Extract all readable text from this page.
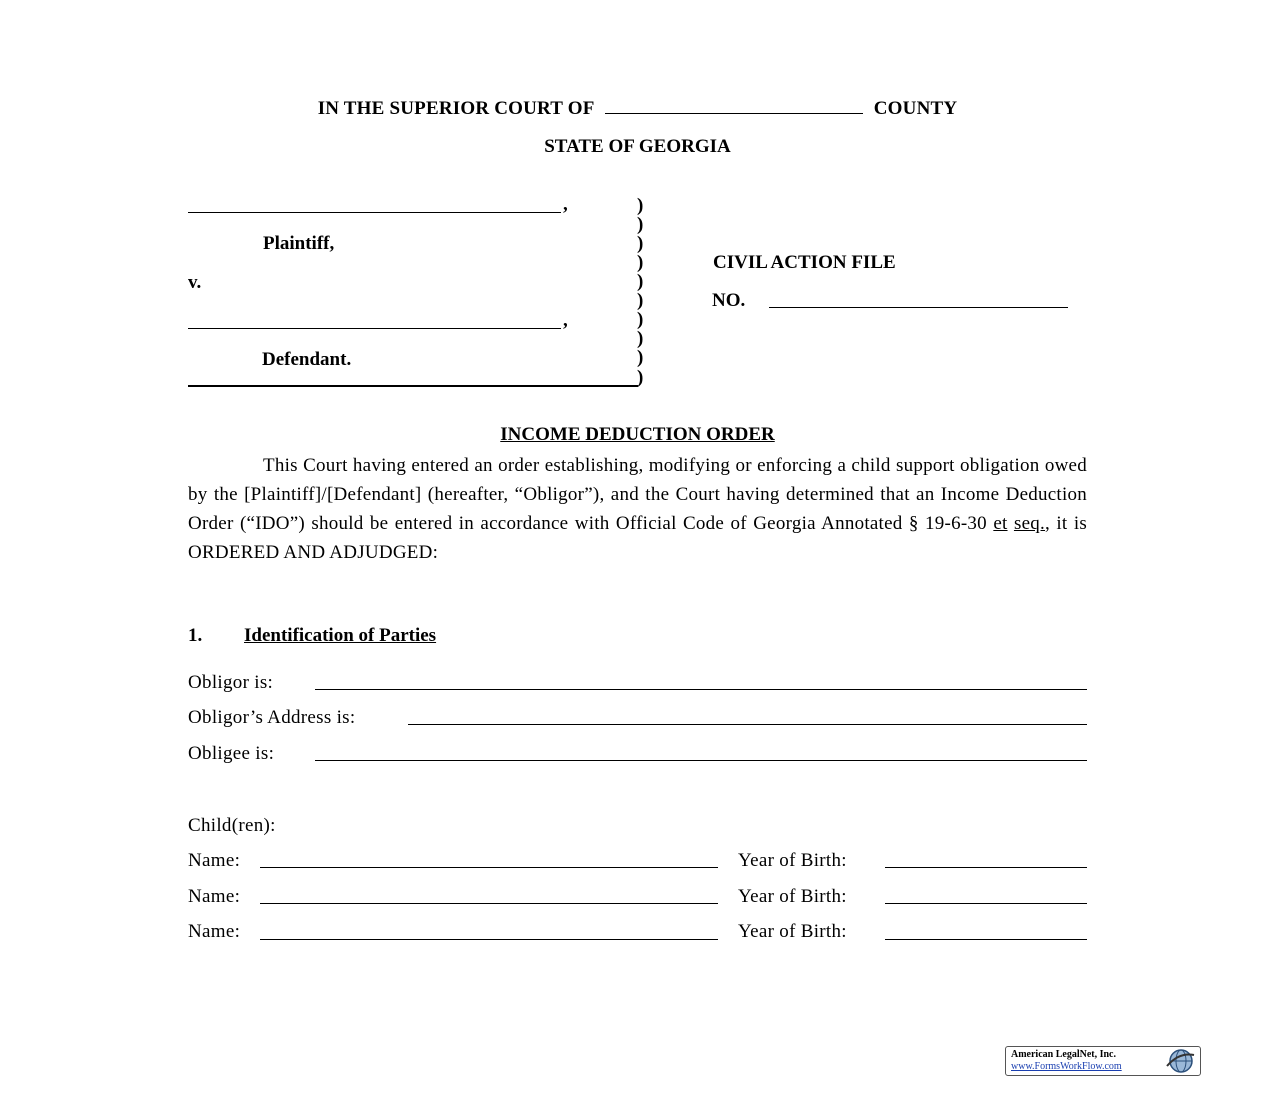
IN THE SUPERIOR COURT OF	COUNTY
STATE OF GEORGIA
,
Plaintiff,
v.
,
Defendant.
)
)
)
)
)
)
)
)
)
)
CIVIL ACTION FILE
NO.
INCOME DEDUCTION ORDER
This Court having entered an order establishing, modifying or enforcing a child support obligation owed by the [Plaintiff]/[Defendant] (hereafter, “Obligor”), and the Court having determined that an Income Deduction Order (“IDO”) should be entered in accordance with Official Code of Georgia Annotated § 19-6-30 et seq., it is ORDERED AND ADJUDGED:
1. Identification of Parties
Obligor is:
Obligor’s Address is:
Obligee is:
Child(ren):
Name:	Year of Birth:
Name:	Year of Birth:
Name:	Year of Birth:
American LegalNet, Inc.
www.FormsWorkFlow.com
